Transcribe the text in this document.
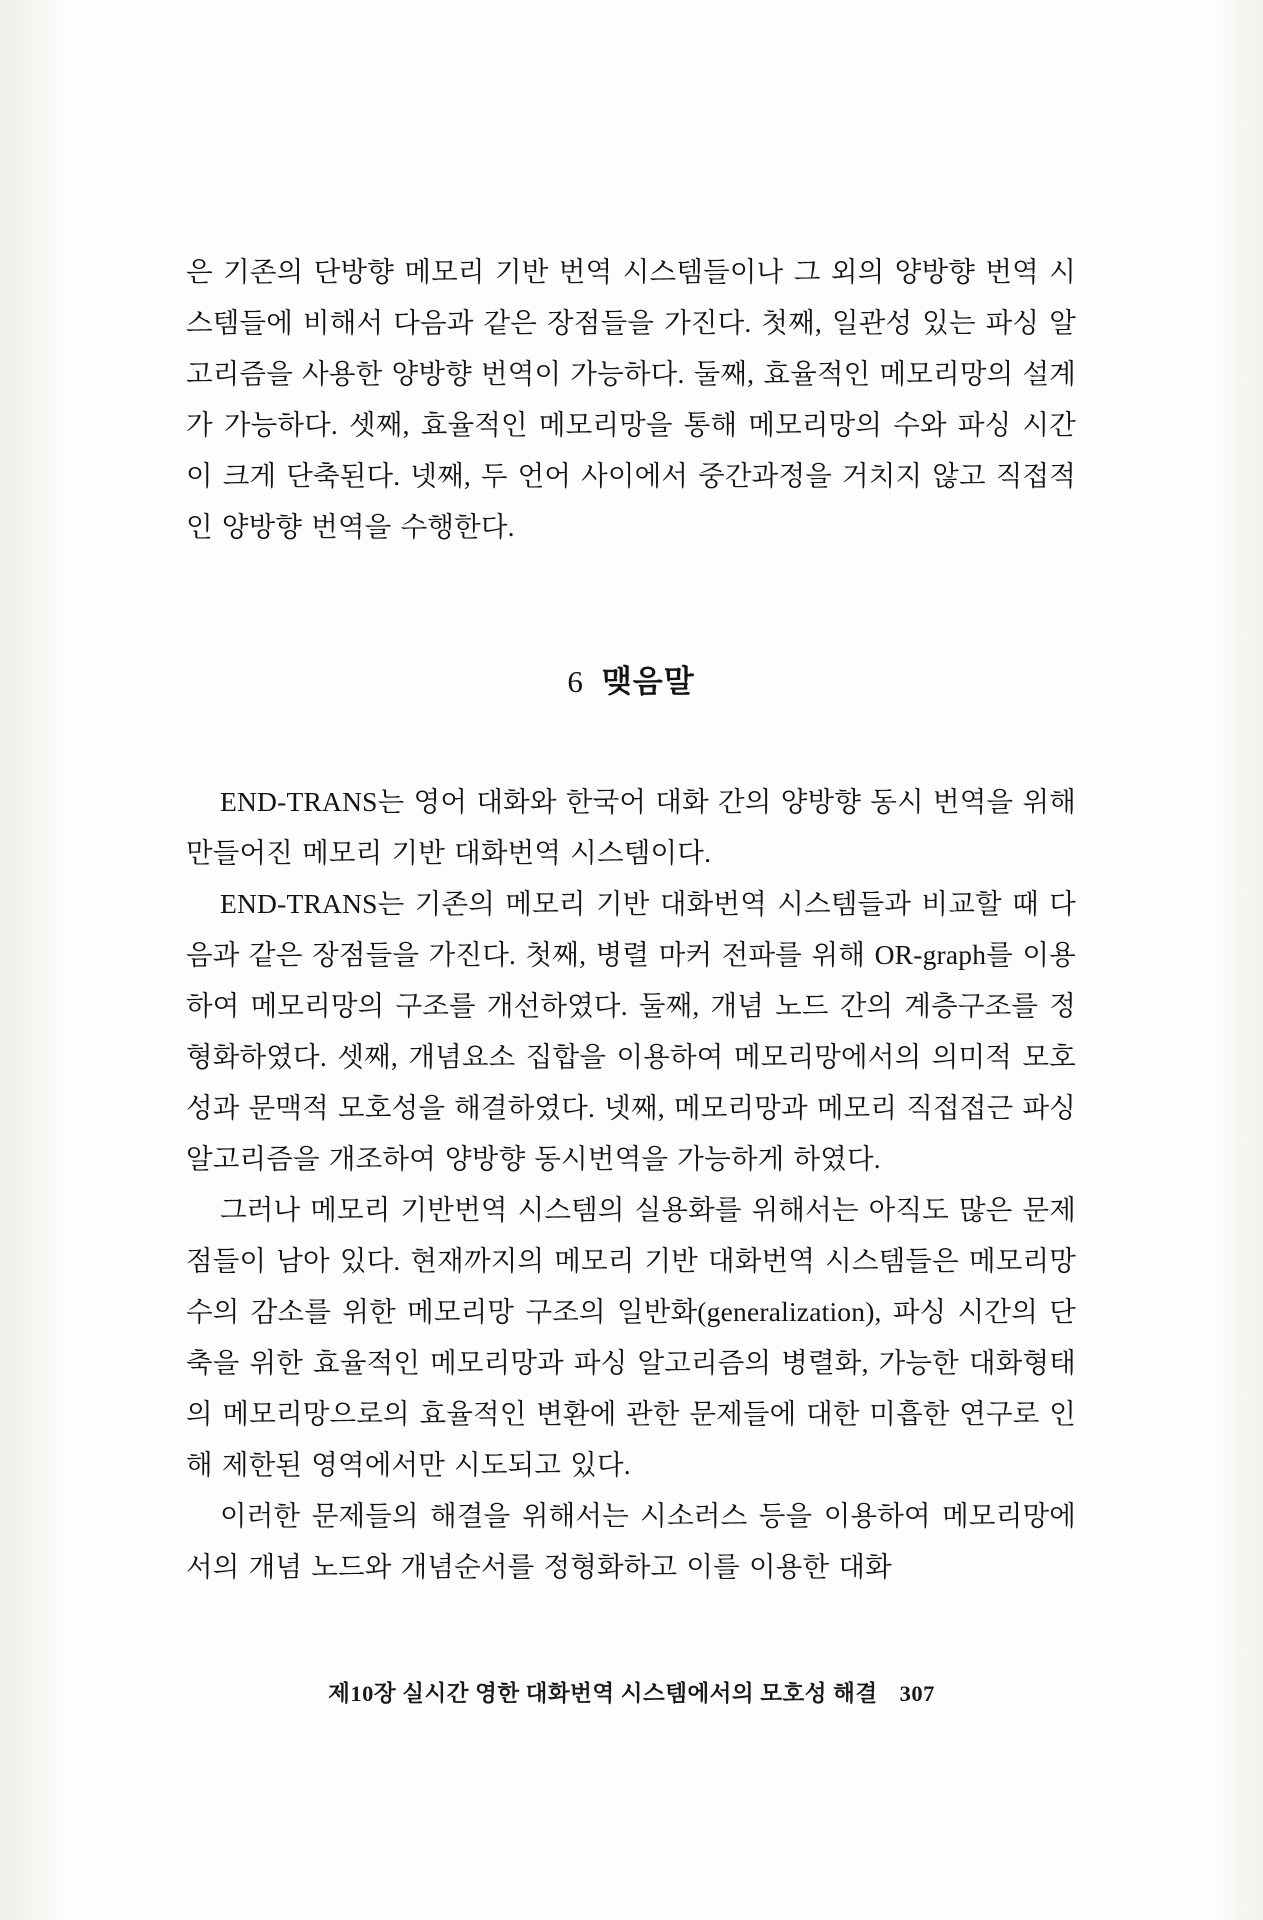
은 기존의 단방향 메모리 기반 번역 시스템들이나 그 외의 양방향 번역 시스템들에 비해서 다음과 같은 장점들을 가진다. 첫째, 일관성 있는 파싱 알고리즘을 사용한 양방향 번역이 가능하다. 둘째, 효율적인 메모리망의 설계가 가능하다. 셋째, 효율적인 메모리망을 통해 메모리망의 수와 파싱 시간이 크게 단축된다. 넷째, 두 언어 사이에서 중간과정을 거치지 않고 직접적인 양방향 번역을 수행한다.

6 맺음말

END-TRANS는 영어 대화와 한국어 대화 간의 양방향 동시 번역을 위해 만들어진 메모리 기반 대화번역 시스템이다.

END-TRANS는 기존의 메모리 기반 대화번역 시스템들과 비교할 때 다음과 같은 장점들을 가진다. 첫째, 병렬 마커 전파를 위해 OR-graph를 이용하여 메모리망의 구조를 개선하였다. 둘째, 개념 노드 간의 계층구조를 정형화하였다. 셋째, 개념요소 집합을 이용하여 메모리망에서의 의미적 모호성과 문맥적 모호성을 해결하였다. 넷째, 메모리망과 메모리 직접접근 파싱 알고리즘을 개조하여 양방향 동시번역을 가능하게 하였다.

그러나 메모리 기반번역 시스템의 실용화를 위해서는 아직도 많은 문제점들이 남아 있다. 현재까지의 메모리 기반 대화번역 시스템들은 메모리망 수의 감소를 위한 메모리망 구조의 일반화(generalization), 파싱 시간의 단축을 위한 효율적인 메모리망과 파싱 알고리즘의 병렬화, 가능한 대화형태의 메모리망으로의 효율적인 변환에 관한 문제들에 대한 미흡한 연구로 인해 제한된 영역에서만 시도되고 있다.

이러한 문제들의 해결을 위해서는 시소러스 등을 이용하여 메모리망에서의 개념 노드와 개념순서를 정형화하고 이를 이용한 대화

제10장 실시간 영한 대화번역 시스템에서의 모호성 해결 307
